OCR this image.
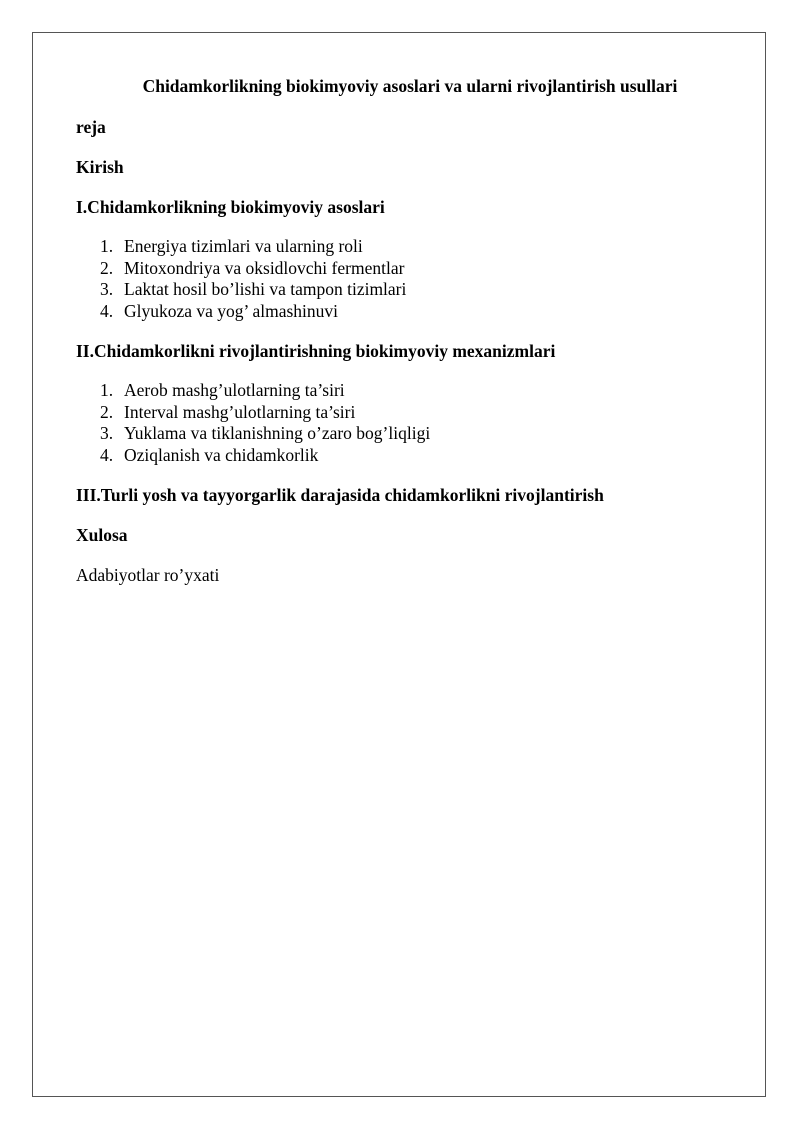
Chidamkorlikning biokimyoviy asoslari va ularni rivojlantirish usullari
reja
Kirish
I.Chidamkorlikning biokimyoviy asoslari
1. Energiya tizimlari va ularning roli
2. Mitoxondriya va oksidlovchi fermentlar
3. Laktat hosil bo’lishi va tampon tizimlari
4. Glyukoza va yog’ almashinuvi
II.Chidamkorlikni rivojlantirishning biokimyoviy mexanizmlari
1. Aerob mashg’ulotlarning ta’siri
2. Interval mashg’ulotlarning ta’siri
3. Yuklama va tiklanishning o’zaro bog’liqligi
4. Oziqlanish va chidamkorlik
III.Turli yosh va tayyorgarlik darajasida chidamkorlikni rivojlantirish
Xulosa
Adabiyotlar ro’yxati
